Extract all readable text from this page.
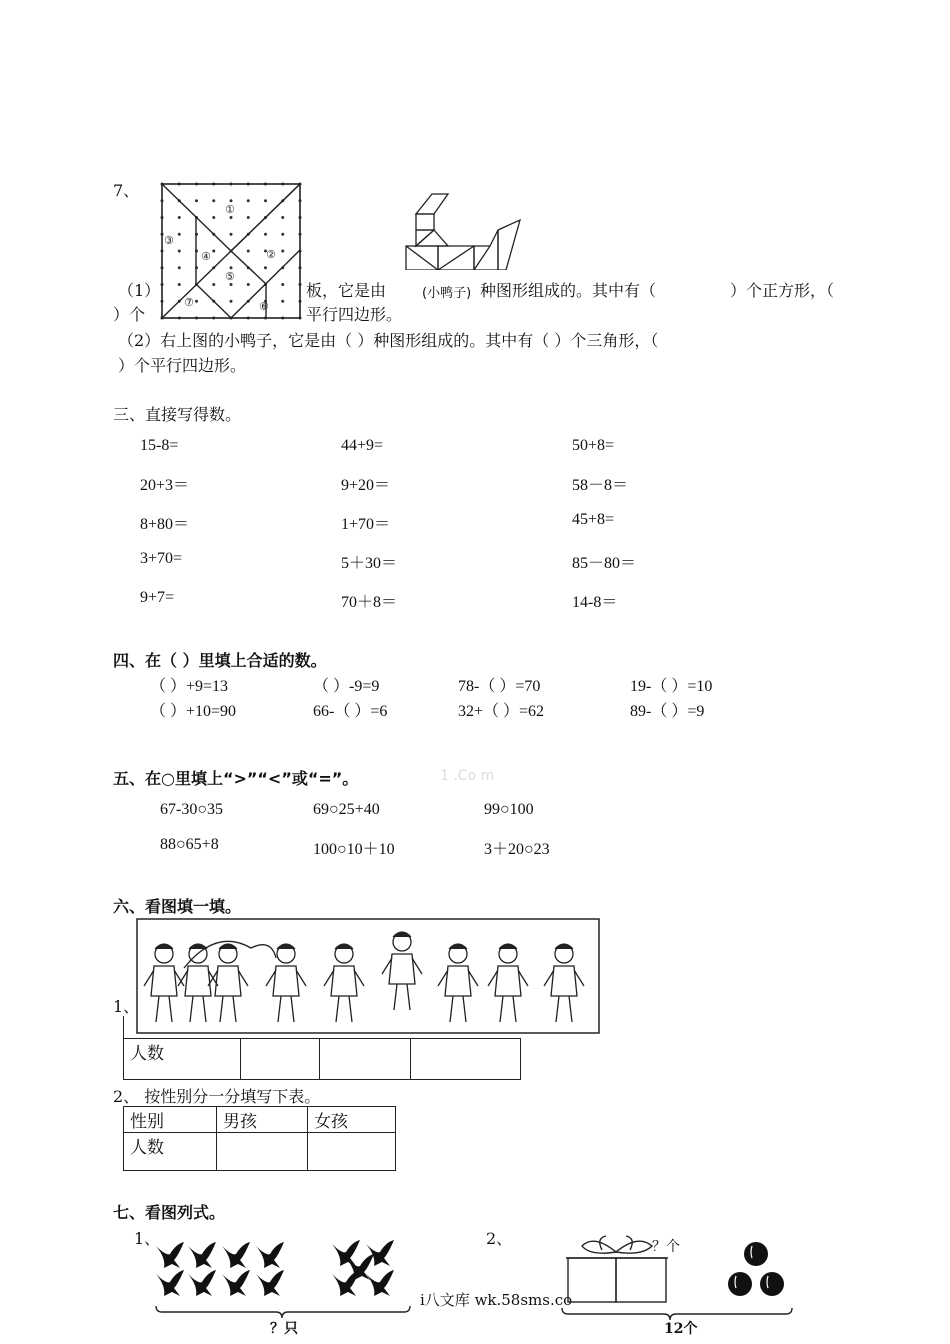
7、
①
②
③
④
⑤
⑥
⑦
(小鸭子)
（1）	板，它是由	种图形组成的。其中有（	）个正方形，（
）个	平行四边形。
（2）右上图的小鸭子，它是由（ ）种图形组成的。其中有（ ）个三角形，（
）个平行四边形。
三、直接写得数。
15-8=	44+9=	50+8=
20+3＝	9+20＝	58－8＝
8+80＝	1+70＝	45+8=
3+70=	5＋30＝	85－80＝
9+7=	70＋8＝	14-8＝
四、在（ ）里填上合适的数。
（ ）+9=13	（ ）-9=9	78-（ ）=70	19-（ ）=10
（ ）+10=90	66-（ ）=6	32+（ ）=62	89-（ ）=9
五、在○里填上“>”“<”或“=”。	1 .Co m
67-30○35	69○25+40	99○100
88○65+8	100○10＋10	3＋20○23
六、看图填一填。
1、
人数			
2、 按性别分一分填写下表。
性别	男孩	女孩
人数		
七、看图列式。
1、	2、
？只
i八文库 wk.58sms.co
？个
12个
